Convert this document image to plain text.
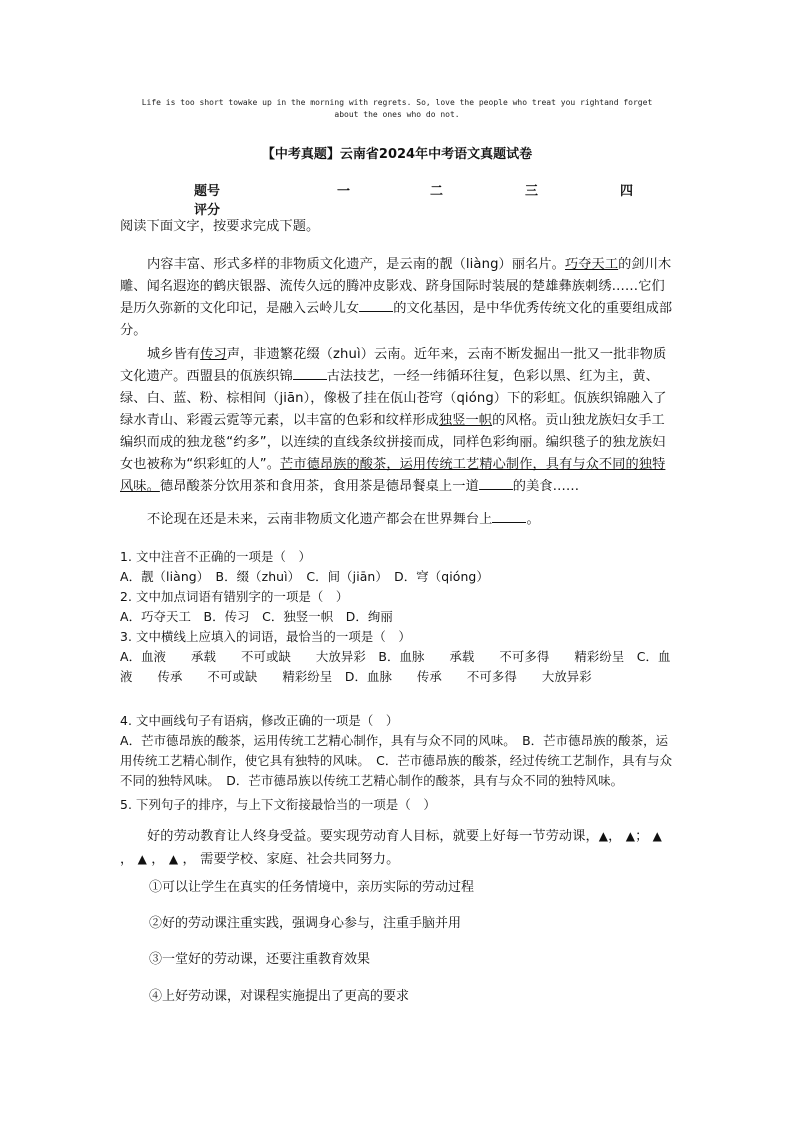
Life is too short towake up in the morning with regrets. So, love the people who treat you rightand forget
about the ones who do not.
【中考真题】云南省2024年中考语文真题试卷
题号	一	二	三	四
评分
阅读下面文字，按要求完成下题。
内容丰富、形式多样的非物质文化遗产，是云南的靓（liàng）丽名片。巧夺天工的剑川木雕、闻名遐迩的鹤庆银器、流传久远的腾冲皮影戏、跻身国际时装展的楚雄彝族刺绣……它们是历久弥新的文化印记，是融入云岭儿女	的文化基因，是中华优秀传统文化的重要组成部分。
城乡皆有传习声，非遗繁花缀（zhuì）云南。近年来，云南不断发掘出一批又一批非物质文化遗产。西盟县的佤族织锦	古法技艺，一经一纬循环往复，色彩以黑、红为主，黄、绿、白、蓝、粉、棕相间（jiān），像极了挂在佤山苍穹（qióng）下的彩虹。佤族织锦融入了绿水青山、彩霞云霓等元素，以丰富的色彩和纹样形成独竖一帜的风格。贡山独龙族妇女手工编织而成的独龙毯“约多”，以连续的直线条纹拼接而成，同样色彩绚丽。编织毯子的独龙族妇女也被称为“织彩虹的人”。芒市德昂族的酸茶，运用传统工艺精心制作，具有与众不同的独特风味。德昂酸茶分饮用茶和食用茶，食用茶是德昂餐桌上一道	的美食……
不论现在还是未来，云南非物质文化遗产都会在世界舞台上	。
1. 文中注音不正确的一项是（　）
A．靓（liàng）　B．缀（zhuì）　C．间（jiān）　D．穹（qióng）
2. 文中加点词语有错别字的一项是（　）
A．巧夺天工　B．传习　C．独竖一帜　D．绚丽
3. 文中横线上应填入的词语，最恰当的一项是（　）
A．血液　　承载　　不可或缺　　大放异彩　B．血脉　　承载　　不可多得　　精彩纷呈　C．血液　　传承　　不可或缺　　精彩纷呈　D．血脉　　传承　　不可多得　　大放异彩
4. 文中画线句子有语病，修改正确的一项是（　）
A．芒市德昂族的酸茶，运用传统工艺精心制作，具有与众不同的风味。　B．芒市德昂族的酸茶，运用传统工艺精心制作，使它具有独特的风味。　C．芒市德昂族的酸茶，经过传统工艺制作，具有与众不同的独特风味。　D．芒市德昂族以传统工艺精心制作的酸茶，具有与众不同的独特风味。
5. 下列句子的排序，与上下文衔接最恰当的一项是（　）
好的劳动教育让人终身受益。要实现劳动育人目标，就要上好每一节劳动课，▲， ▲； ▲ ， ▲ ， ▲ ， 需要学校、家庭、社会共同努力。
①可以让学生在真实的任务情境中，亲历实际的劳动过程
②好的劳动课注重实践，强调身心参与，注重手脑并用
③一堂好的劳动课，还要注重教育效果
④上好劳动课，对课程实施提出了更高的要求
